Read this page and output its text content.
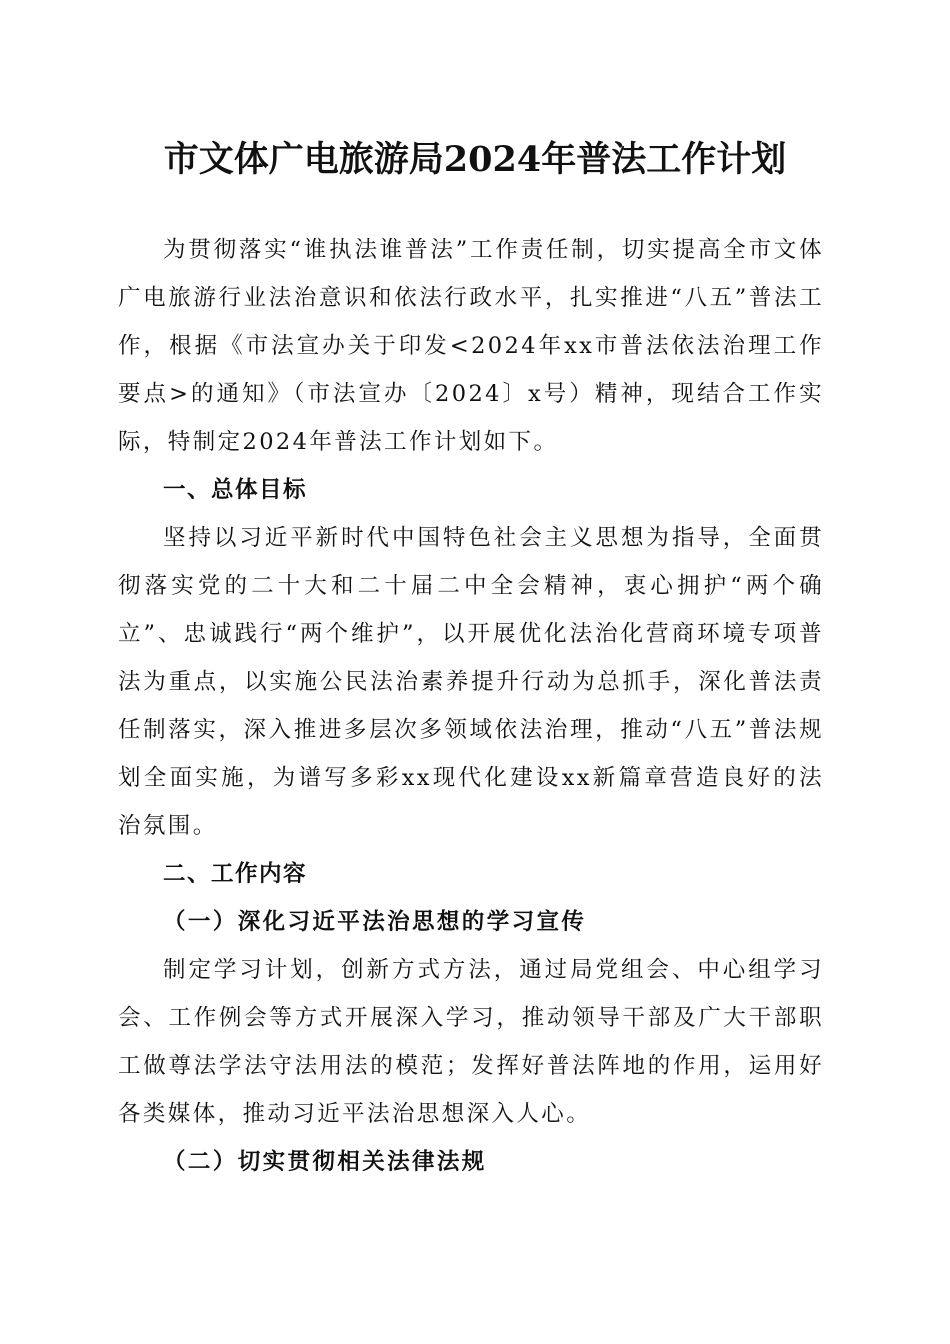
市文体广电旅游局2024年普法工作计划

为贯彻落实“谁执法谁普法”工作责任制，切实提高全市文体广电旅游行业法治意识和依法行政水平，扎实推进“八五”普法工作，根据《市法宣办关于印发<2024年xx市普法依法治理工作要点>的通知》（市法宣办〔2024〕x号）精神，现结合工作实际，特制定2024年普法工作计划如下。

一、总体目标

坚持以习近平新时代中国特色社会主义思想为指导，全面贯彻落实党的二十大和二十届二中全会精神，衷心拥护“两个确立”、忠诚践行“两个维护”，以开展优化法治化营商环境专项普法为重点，以实施公民法治素养提升行动为总抓手，深化普法责任制落实，深入推进多层次多领域依法治理，推动“八五”普法规划全面实施，为谱写多彩xx现代化建设xx新篇章营造良好的法治氛围。

二、工作内容

（一）深化习近平法治思想的学习宣传

制定学习计划，创新方式方法，通过局党组会、中心组学习会、工作例会等方式开展深入学习，推动领导干部及广大干部职工做尊法学法守法用法的模范；发挥好普法阵地的作用，运用好各类媒体，推动习近平法治思想深入人心。

（二）切实贯彻相关法律法规
